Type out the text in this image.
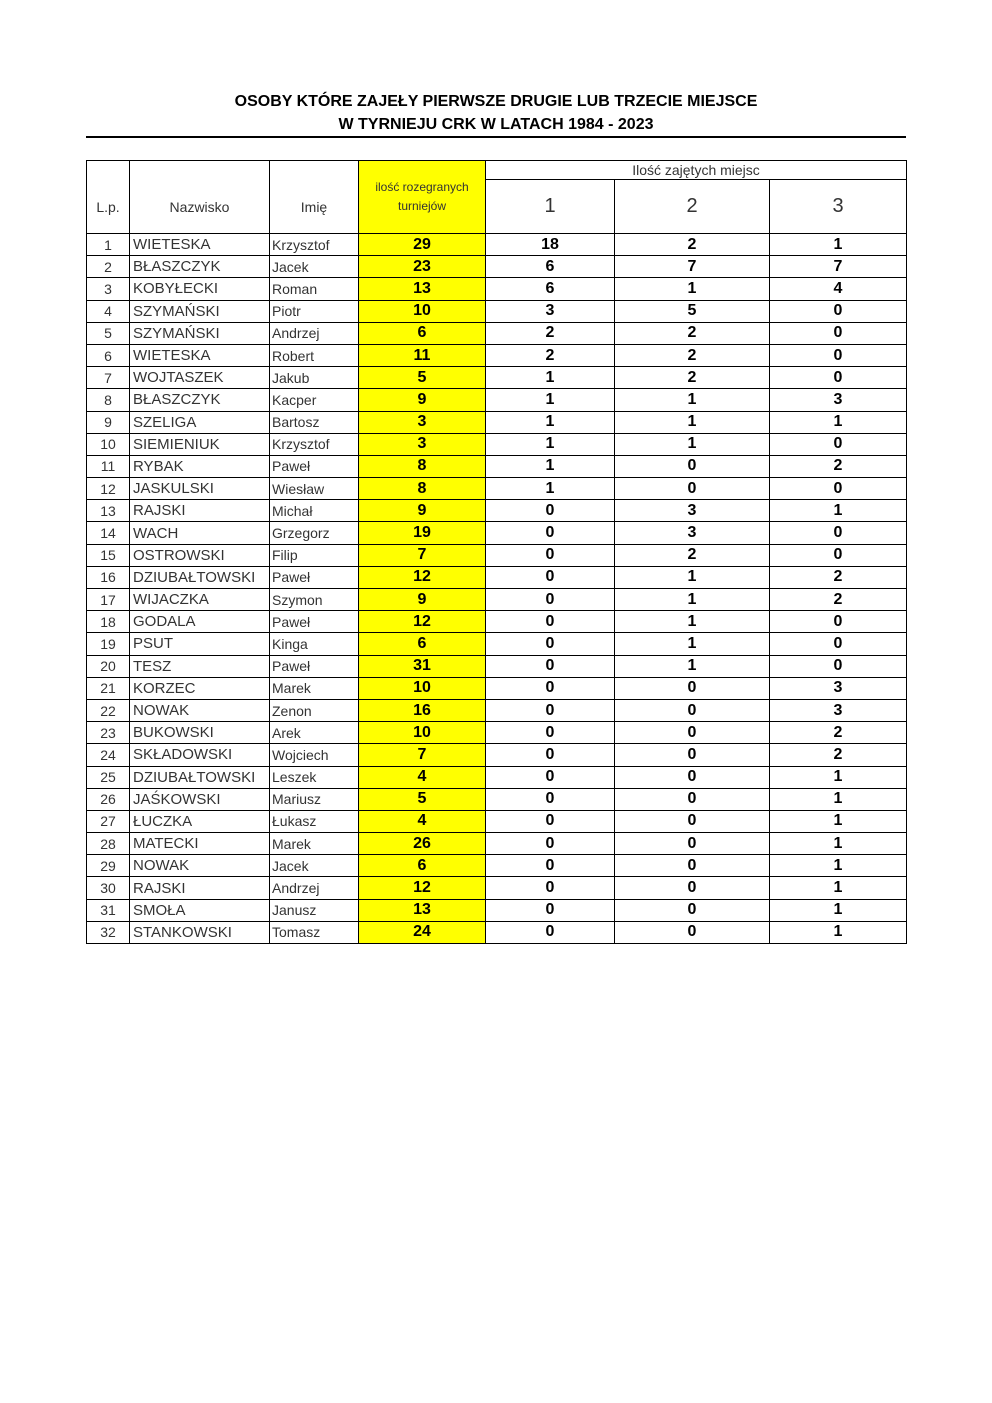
OSOBY KTÓRE ZAJEŁY PIERWSZE DRUGIE LUB TRZECIE MIEJSCE
W TYRNIEJU CRK W LATACH 1984 - 2023
L.p.	Nazwisko	Imię	ilość rozegranych
turniejów	Ilość zajętych miejsc		
				1	2	3
1	WIETESKA	Krzysztof	29	18	2	1
2	BŁASZCZYK	Jacek	23	6	7	7
3	KOBYŁECKI	Roman	13	6	1	4
4	SZYMAŃSKI	Piotr	10	3	5	0
5	SZYMAŃSKI	Andrzej	6	2	2	0
6	WIETESKA	Robert	11	2	2	0
7	WOJTASZEK	Jakub	5	1	2	0
8	BŁASZCZYK	Kacper	9	1	1	3
9	SZELIGA	Bartosz	3	1	1	1
10	SIEMIENIUK	Krzysztof	3	1	1	0
11	RYBAK	Paweł	8	1	0	2
12	JASKULSKI	Wiesław	8	1	0	0
13	RAJSKI	Michał	9	0	3	1
14	WACH	Grzegorz	19	0	3	0
15	OSTROWSKI	Filip	7	0	2	0
16	DZIUBAŁTOWSKI	Paweł	12	0	1	2
17	WIJACZKA	Szymon	9	0	1	2
18	GODALA	Paweł	12	0	1	0
19	PSUT	Kinga	6	0	1	0
20	TESZ	Paweł	31	0	1	0
21	KORZEC	Marek	10	0	0	3
22	NOWAK	Zenon	16	0	0	3
23	BUKOWSKI	Arek	10	0	0	2
24	SKŁADOWSKI	Wojciech	7	0	0	2
25	DZIUBAŁTOWSKI	Leszek	4	0	0	1
26	JAŚKOWSKI	Mariusz	5	0	0	1
27	ŁUCZKA	Łukasz	4	0	0	1
28	MATECKI	Marek	26	0	0	1
29	NOWAK	Jacek	6	0	0	1
30	RAJSKI	Andrzej	12	0	0	1
31	SMOŁA	Janusz	13	0	0	1
32	STANKOWSKI	Tomasz	24	0	0	1
